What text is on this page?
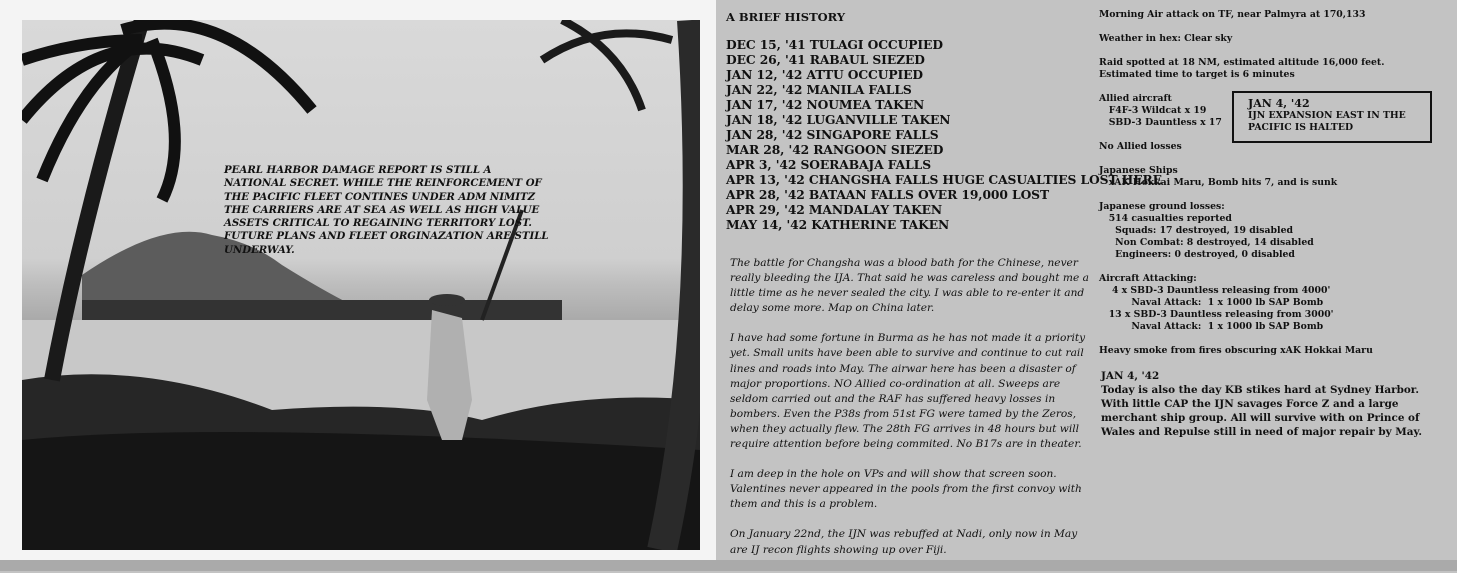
PEARL HARBOR DAMAGE REPORT IS STILL A NATIONAL SECRET. WHILE THE REINFORCEMENT OF THE PACIFIC FLEET CONTINES UNDER ADM NIMITZ THE CARRIERS ARE AT SEA AS WELL AS HIGH VALUE ASSETS CRITICAL TO REGAINING TERRITORY LOST. FUTURE PLANS AND FLEET ORGINAZATION ARE STILL UNDERWAY.
A BRIEF HISTORY
DEC 15, '41 TULAGI OCCUPIED
DEC 26, '41 RABAUL SIEZED
JAN 12, '42 ATTU OCCUPIED
JAN 22, '42 MANILA FALLS
JAN 17, '42 NOUMEA TAKEN
JAN 18, '42 LUGANVILLE TAKEN
JAN 28, '42 SINGAPORE FALLS
MAR 28, '42 RANGOON SIEZED
APR 3, '42 SOERABAJA FALLS
APR 13, '42 CHANGSHA FALLS HUGE CASUALTIES LOST HERE
APR 28, '42 BATAAN FALLS OVER 19,000 LOST
APR 29, '42 MANDALAY TAKEN
MAY 14, '42 KATHERINE TAKEN

The battle for Changsha was a blood bath for the Chinese, never really bleeding the IJA. That said he was careless and bought me a little time as he never sealed the city. I was able to re-enter it and delay some more. Map on China later.

I have had some fortune in Burma as he has not made it a priority yet. Small units have been able to survive and continue to cut rail lines and roads into May. The airwar here has been a disaster of major proportions. NO Allied co-ordination at all. Sweeps are seldom carried out and the RAF has suffered heavy losses in bombers. Even the P38s from 51st FG were tamed by the Zeros, when they actually flew. The 28th FG arrives in 48 hours but will require attention before being commited. No B17s are in theater.

I am deep in the hole on VPs and will show that screen soon. Valentines never appeared in the pools from the first convoy with them and this is a problem.

On January 22nd, the IJN was rebuffed at Nadi, only now in May are IJ recon flights showing up over Fiji.

Morning Air attack on TF, near Palmyra at 170,133

Weather in hex: Clear sky

Raid spotted at 18 NM, estimated altitude 16,000 feet.
Estimated time to target is 6 minutes

Allied aircraft
F4F-3 Wildcat x 19
SBD-3 Dauntless x 17

No Allied losses

Japanese Ships
xAK Hokkai Maru, Bomb hits 7, and is sunk

Japanese ground losses:
514 casualties reported
Squads: 17 destroyed, 19 disabled
Non Combat: 8 destroyed, 14 disabled
Engineers: 0 destroyed, 0 disabled

Aircraft Attacking:
4 x SBD-3 Dauntless releasing from 4000'
Naval Attack:  1 x 1000 lb SAP Bomb
13 x SBD-3 Dauntless releasing from 3000'
Naval Attack:  1 x 1000 lb SAP Bomb

Heavy smoke from fires obscuring xAK Hokkai Maru

JAN 4, '42
IJN EXPANSION EAST IN THE PACIFIC IS HALTED
JAN 4, '42
Today is also the day KB stikes hard at Sydney Harbor. With little CAP the IJN savages Force Z and a large merchant ship group. All will survive with on Prince of Wales and Repulse still in need of major repair by May.
